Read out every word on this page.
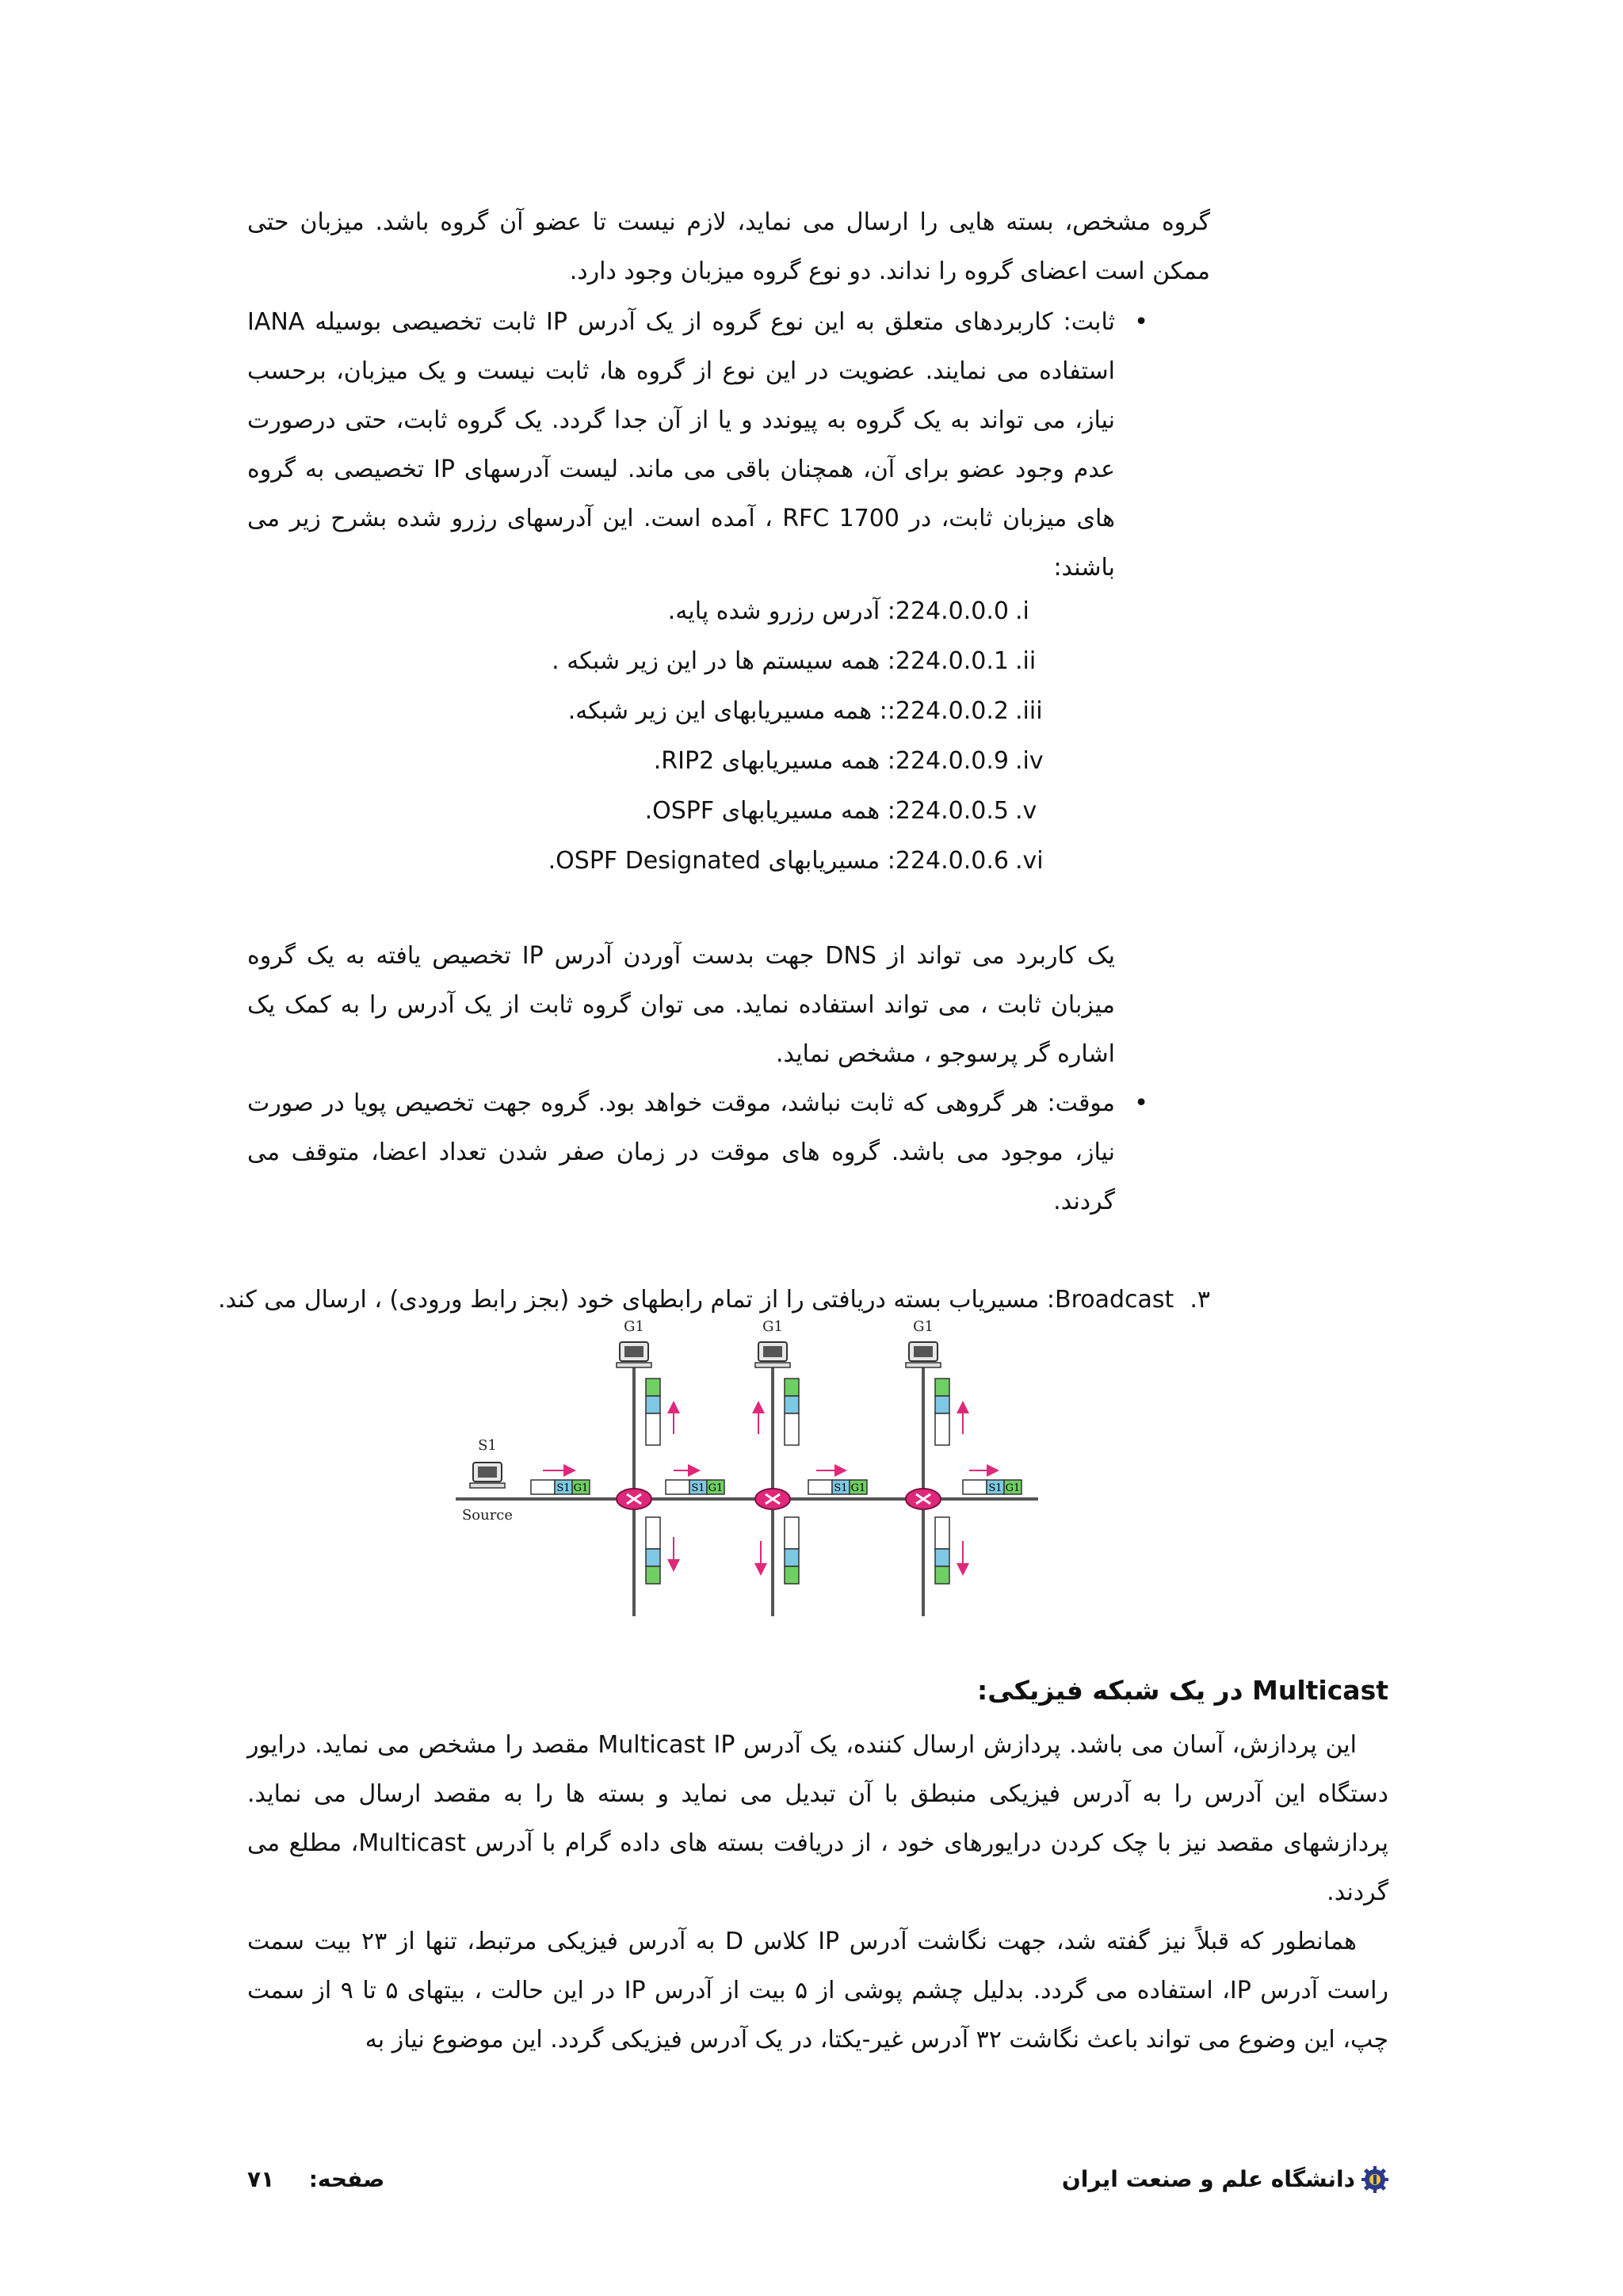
گروه مشخص، بسته هایی را ارسال می نماید، لازم نیست تا عضو آن گروه باشد. میزبان حتی ممکن است اعضای گروه را نداند. دو نوع گروه میزبان وجود دارد.
•
ثابت: کاربردهای متعلق به این نوع گروه از یک آدرس IP ثابت تخصیصی بوسیله IANA استفاده می نمایند. عضویت در این نوع از گروه ها، ثابت نیست و یک میزبان، برحسب نیاز، می تواند به یک گروه به پیوندد و یا از آن جدا گردد. یک گروه ثابت، حتی درصورت عدم وجود عضو برای آن، همچنان باقی می ماند. لیست آدرسهای IP تخصیصی به گروه های میزبان ثابت، در RFC 1700 ، آمده است. این آدرسهای رزرو شده بشرح زیر می باشند:
i.224.0.0.0: آدرس رزرو شده پایه.
ii.224.0.0.1: همه سیستم ها در این زیر شبکه .
iii.224.0.0.2:: همه مسیریابهای این زیر شبکه.
iv.224.0.0.9: همه مسیریابهای RIP2.
v.224.0.0.5: همه مسیریابهای OSPF.
vi.224.0.0.6: مسیریابهای OSPF Designated.
یک کاربرد می تواند از DNS جهت بدست آوردن آدرس IP تخصیص یافته به یک گروه میزبان ثابت ، می تواند استفاده نماید. می توان گروه ثابت از یک آدرس را به کمک یک اشاره گر پرسوجو ، مشخص نماید.
•
موقت: هر گروهی که ثابت نباشد، موقت خواهد بود. گروه جهت تخصیص پویا در صورت نیاز، موجود می باشد. گروه های موقت در زمان صفر شدن تعداد اعضا، متوقف می گردند.
۳.Broadcast: مسیریاب بسته دریافتی را از تمام رابطهای خود (بجز رابط ورودی) ، ارسال می کند.
G1	G1	G1
S1
Source
S1 G1	S1 G1	S1 G1	S1 G1
Multicast در یک شبکه فیزیکی:

این پردازش، آسان می باشد. پردازش ارسال کننده، یک آدرس Multicast IP مقصد را مشخص می نماید. درایور دستگاه این آدرس را به آدرس فیزیکی منبطق با آن تبدیل می نماید و بسته ها را به مقصد ارسال می نماید. پردازشهای مقصد نیز با چک کردن درایورهای خود ، از دریافت بسته های داده گرام با آدرس Multicast، مطلع می گردند.

همانطور که قبلاً نیز گفته شد، جهت نگاشت آدرس IP کلاس D به آدرس فیزیکی مرتبط، تنها از ۲۳ بیت سمت راست آدرس IP، استفاده می گردد. بدلیل چشم پوشی از ۵ بیت از آدرس IP در این حالت ، بیتهای ۵ تا ۹ از سمت چپ، این وضوع می تواند باعث نگاشت ۳۲ آدرس غیر-یکتا، در یک آدرس فیزیکی گردد. این موضوع نیاز به

دانشگاه علم و صنعت ایران
صفحه:  ۷۱
